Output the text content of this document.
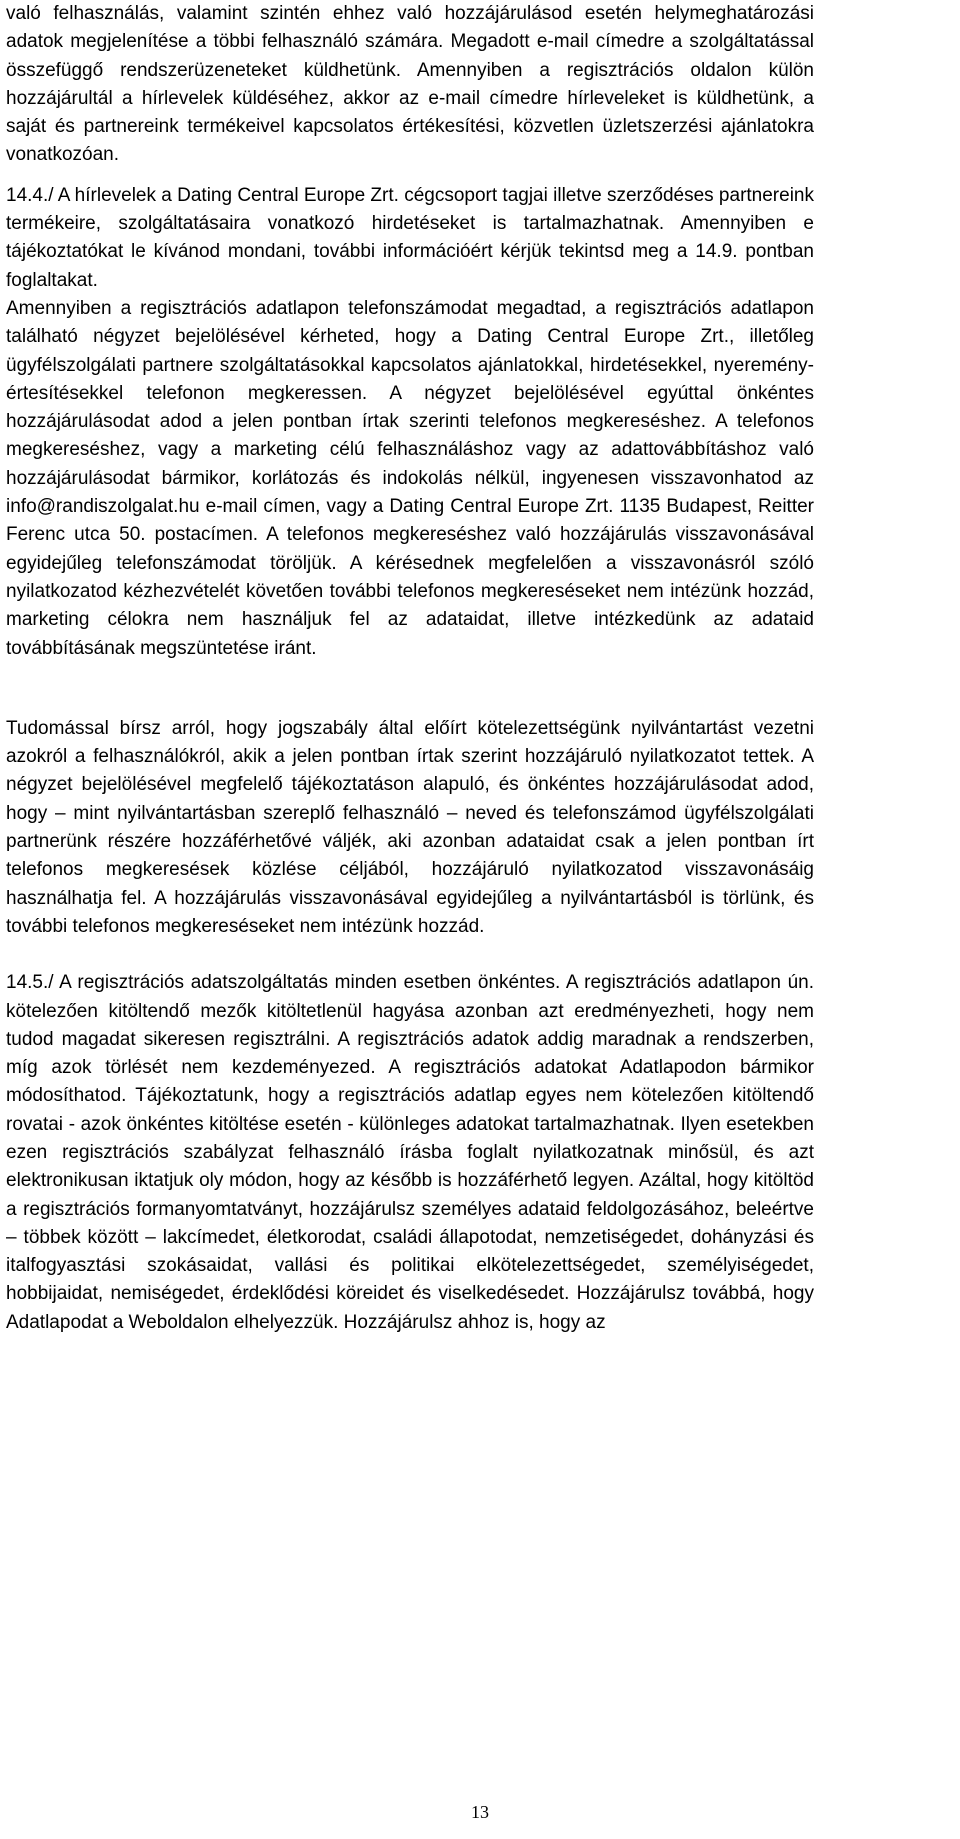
való felhasználás, valamint szintén ehhez való hozzájárulásod esetén helymeghatározási adatok megjelenítése a többi felhasználó számára. Megadott e-mail címedre a szolgáltatással összefüggő rendszerüzeneteket küldhetünk. Amennyiben a regisztrációs oldalon külön hozzájárultál a hírlevelek küldéséhez, akkor az e-mail címedre hírleveleket is küldhetünk, a saját és partnereink termékeivel kapcsolatos értékesítési, közvetlen üzletszerzési ajánlatokra vonatkozóan.

14.4./ A hírlevelek a Dating Central Europe Zrt. cégcsoport tagjai illetve szerződéses partnereink termékeire, szolgáltatásaira vonatkozó hirdetéseket is tartalmazhatnak. Amennyiben e tájékoztatókat le kívánod mondani, további információért kérjük tekintsd meg a 14.9. pontban foglaltakat.

Amennyiben a regisztrációs adatlapon telefonszámodat megadtad, a regisztrációs adatlapon található négyzet bejelölésével kérheted, hogy a Dating Central Europe Zrt., illetőleg ügyfélszolgálati partnere szolgáltatásokkal kapcsolatos ajánlatokkal, hirdetésekkel, nyeremény-értesítésekkel telefonon megkeressen. A négyzet bejelölésével egyúttal önkéntes hozzájárulásodat adod a jelen pontban írtak szerinti telefonos megkereséshez. A telefonos megkereséshez, vagy a marketing célú felhasználáshoz vagy az adattovábbításhoz való hozzájárulásodat bármikor, korlátozás és indokolás nélkül, ingyenesen visszavonhatod az info@randiszolgalat.hu e-mail címen, vagy a Dating Central Europe Zrt. 1135 Budapest, Reitter Ferenc utca 50. postacímen. A telefonos megkereséshez való hozzájárulás visszavonásával egyidejűleg telefonszámodat töröljük. A kérésednek megfelelően a visszavonásról szóló nyilatkozatod kézhezvételét követően további telefonos megkereséseket nem intézünk hozzád, marketing célokra nem használjuk fel az adataidat, illetve intézkedünk az adataid továbbításának megszüntetése iránt.

Tudomással bírsz arról, hogy jogszabály által előírt kötelezettségünk nyilvántartást vezetni azokról a felhasználókról, akik a jelen pontban írtak szerint hozzájáruló nyilatkozatot tettek. A négyzet bejelölésével megfelelő tájékoztatáson alapuló, és önkéntes hozzájárulásodat adod, hogy – mint nyilvántartásban szereplő felhasználó – neved és telefonszámod ügyfélszolgálati partnerünk részére hozzáférhetővé váljék, aki azonban adataidat csak a jelen pontban írt telefonos megkeresések közlése céljából, hozzájáruló nyilatkozatod visszavonásáig használhatja fel. A hozzájárulás visszavonásával egyidejűleg a nyilvántartásból is törlünk, és további telefonos megkereséseket nem intézünk hozzád.

14.5./ A regisztrációs adatszolgáltatás minden esetben önkéntes. A regisztrációs adatlapon ún. kötelezően kitöltendő mezők kitöltetlenül hagyása azonban azt eredményezheti, hogy nem tudod magadat sikeresen regisztrálni. A regisztrációs adatok addig maradnak a rendszerben, míg azok törlését nem kezdeményezed. A regisztrációs adatokat Adatlapodon bármikor módosíthatod. Tájékoztatunk, hogy a regisztrációs adatlap egyes nem kötelezően kitöltendő rovatai - azok önkéntes kitöltése esetén - különleges adatokat tartalmazhatnak. Ilyen esetekben ezen regisztrációs szabályzat felhasználó írásba foglalt nyilatkozatnak minősül, és azt elektronikusan iktatjuk oly módon, hogy az később is hozzáférhető legyen. Azáltal, hogy kitöltöd a regisztrációs formanyomtatványt, hozzájárulsz személyes adataid feldolgozásához, beleértve – többek között – lakcímedet, életkorodat, családi állapotodat, nemzetiségedet, dohányzási és italfogyasztási szokásaidat, vallási és politikai elkötelezettségedet, személyiségedet, hobbijaidat, nemiségedet, érdeklődési köreidet és viselkedésedet. Hozzájárulsz továbbá, hogy Adatlapodat a Weboldalon elhelyezzük. Hozzájárulsz ahhoz is, hogy az

13
